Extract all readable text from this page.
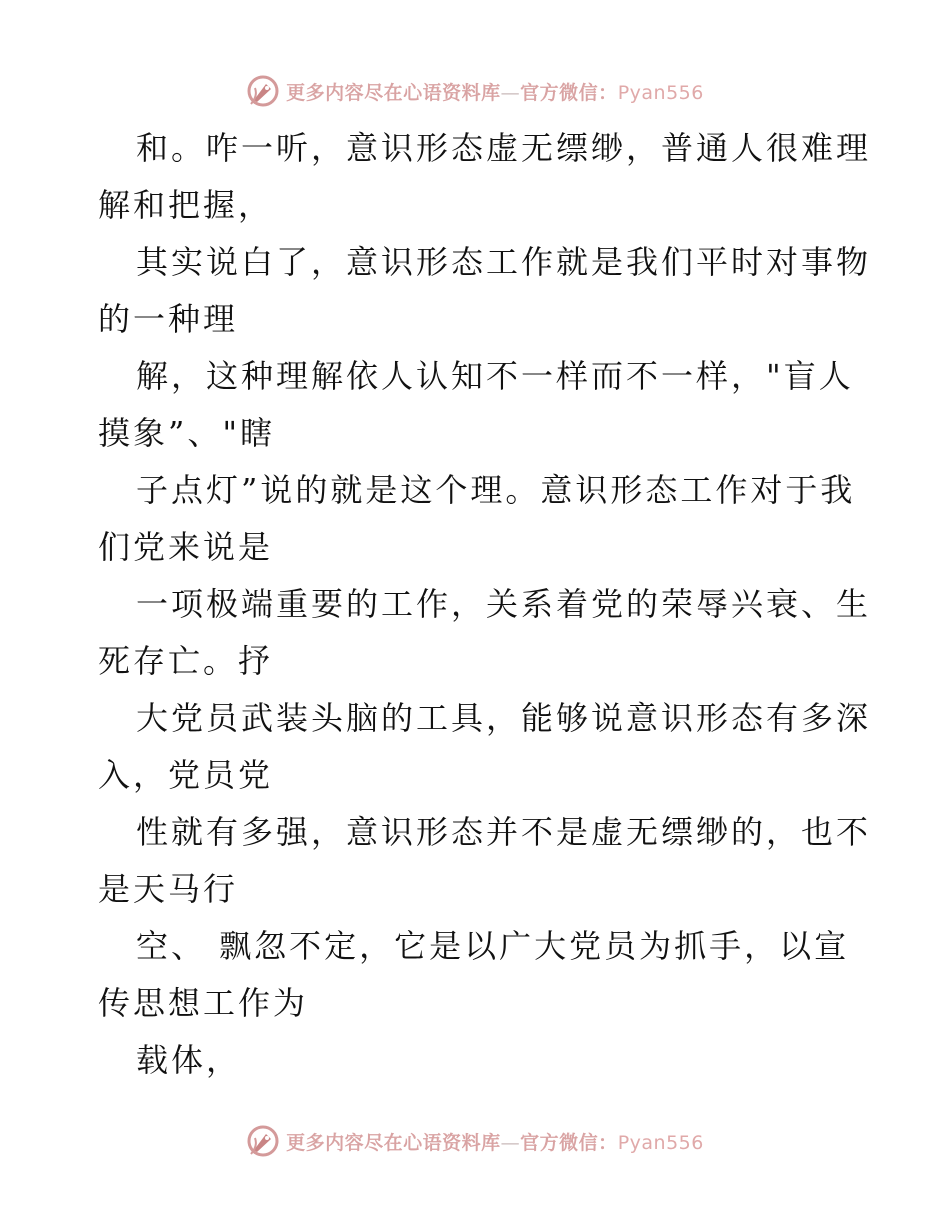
更多内容尽在心语资料库—官方微信：Pyan556

和。咋一听，意识形态虚无缥缈，普通人很难理
解和把握，

其实说白了，意识形态工作就是我们平时对事物
的一种理

解，这种理解依人认知不一样而不一样，"盲人
摸象”、"瞎

子点灯”说的就是这个理。意识形态工作对于我
们党来说是

一项极端重要的工作，关系着党的荣辱兴衰、生
死存亡。抒

大党员武装头脑的工具，能够说意识形态有多深
入，党员党

性就有多强，意识形态并不是虚无缥缈的，也不
是天马行

空、 飘忽不定，它是以广大党员为抓手，以宣
传思想工作为

载体，

更多内容尽在心语资料库—官方微信：Pyan556
